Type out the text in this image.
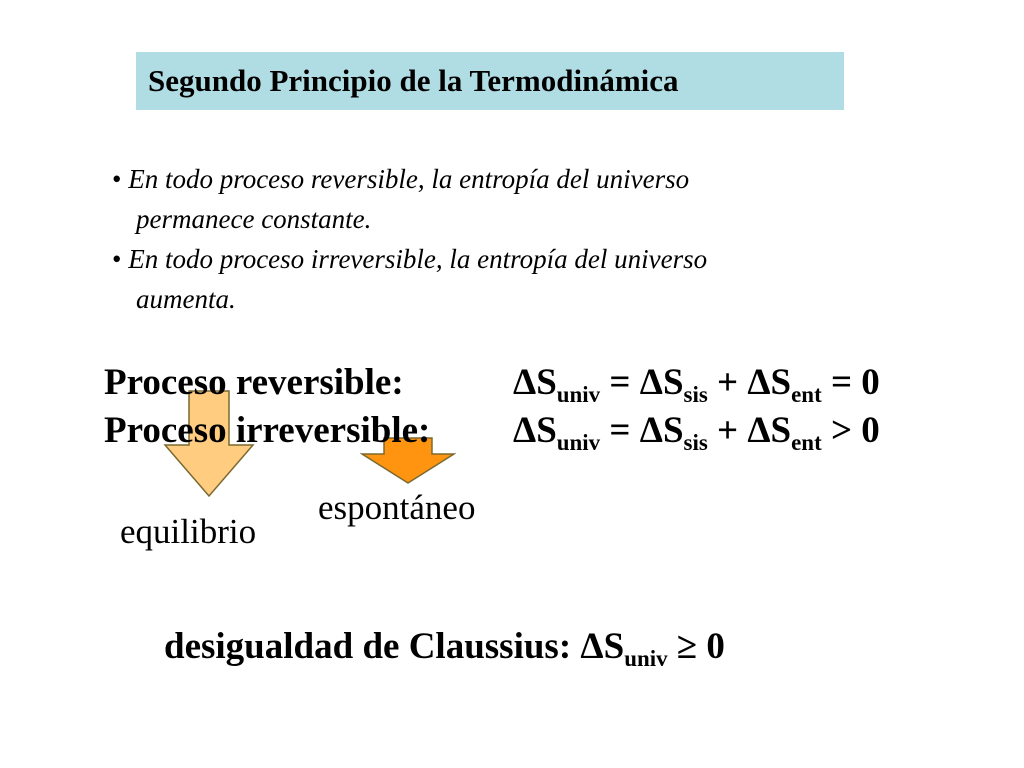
Segundo Principio de la Termodinámica
• En todo proceso reversible, la entropía del universo
permanece constante.
• En todo proceso irreversible, la entropía del universo
aumenta.
Proceso reversible:	$\Delta S_{univ} = \Delta S_{sis} + \Delta S_{ent} = 0$
Proceso irreversible: $\Delta S_{univ} = \Delta S_{sis} + \Delta S_{ent} > 0$
espontáneo
equilibrio
desigualdad de Claussius: $\Delta S_{univ} \ge 0$
